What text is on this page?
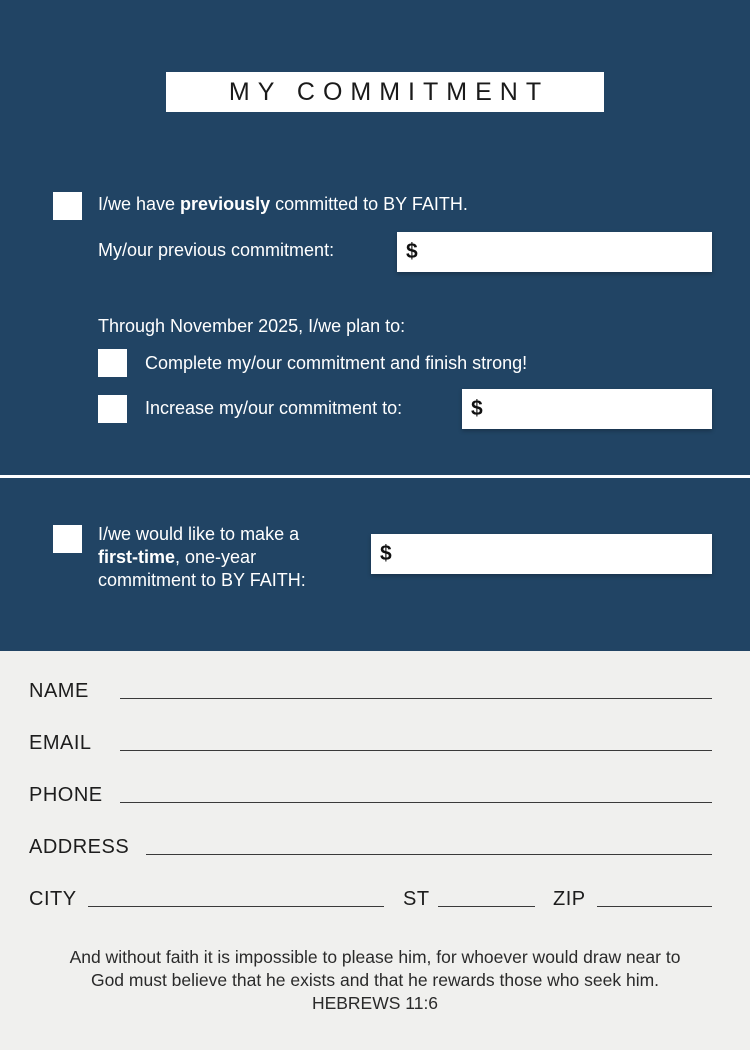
MY COMMITMENT
I/we have previously committed to BY FAITH.
My/our previous commitment:	$
Through November 2025, I/we plan to:
Complete my/our commitment and finish strong!
Increase my/our commitment to:	$
I/we would like to make a
first-time, one-year
commitment to BY FAITH:
$
NAME
EMAIL
PHONE
ADDRESS
CITY	ST	ZIP
And without faith it is impossible to please him, for whoever would draw near to God must believe that he exists and that he rewards those who seek him. HEBREWS 11:6
